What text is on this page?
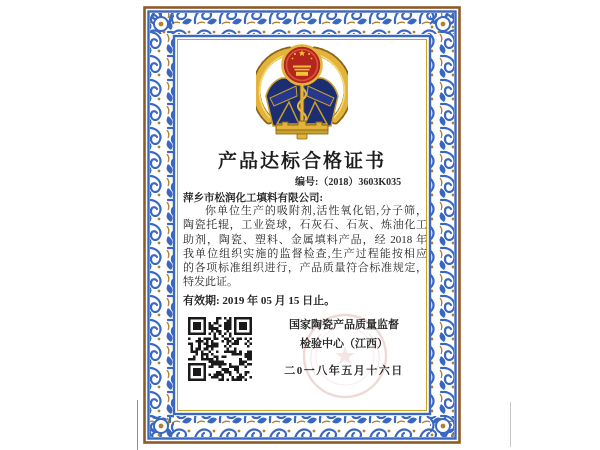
产品达标合格证书
编号:（2018）3603K035
萍乡市松润化工填料有限公司:
你单位生产的吸附剂,活性氧化铝,分子筛，
陶瓷托辊，工业瓷球，石灰石、石灰、炼油化工
助剂，陶瓷、塑料、金属填料产品，经 2018 年
我单位组织实施的监督检查,生产过程能按相应
的各项标准组织进行，产品质量符合标准规定，
特发此证。
有效期: 2019 年 05 月 15 日止。
国家陶瓷产品质量监督
检验中心（江西）
二0一八年五月十六日
